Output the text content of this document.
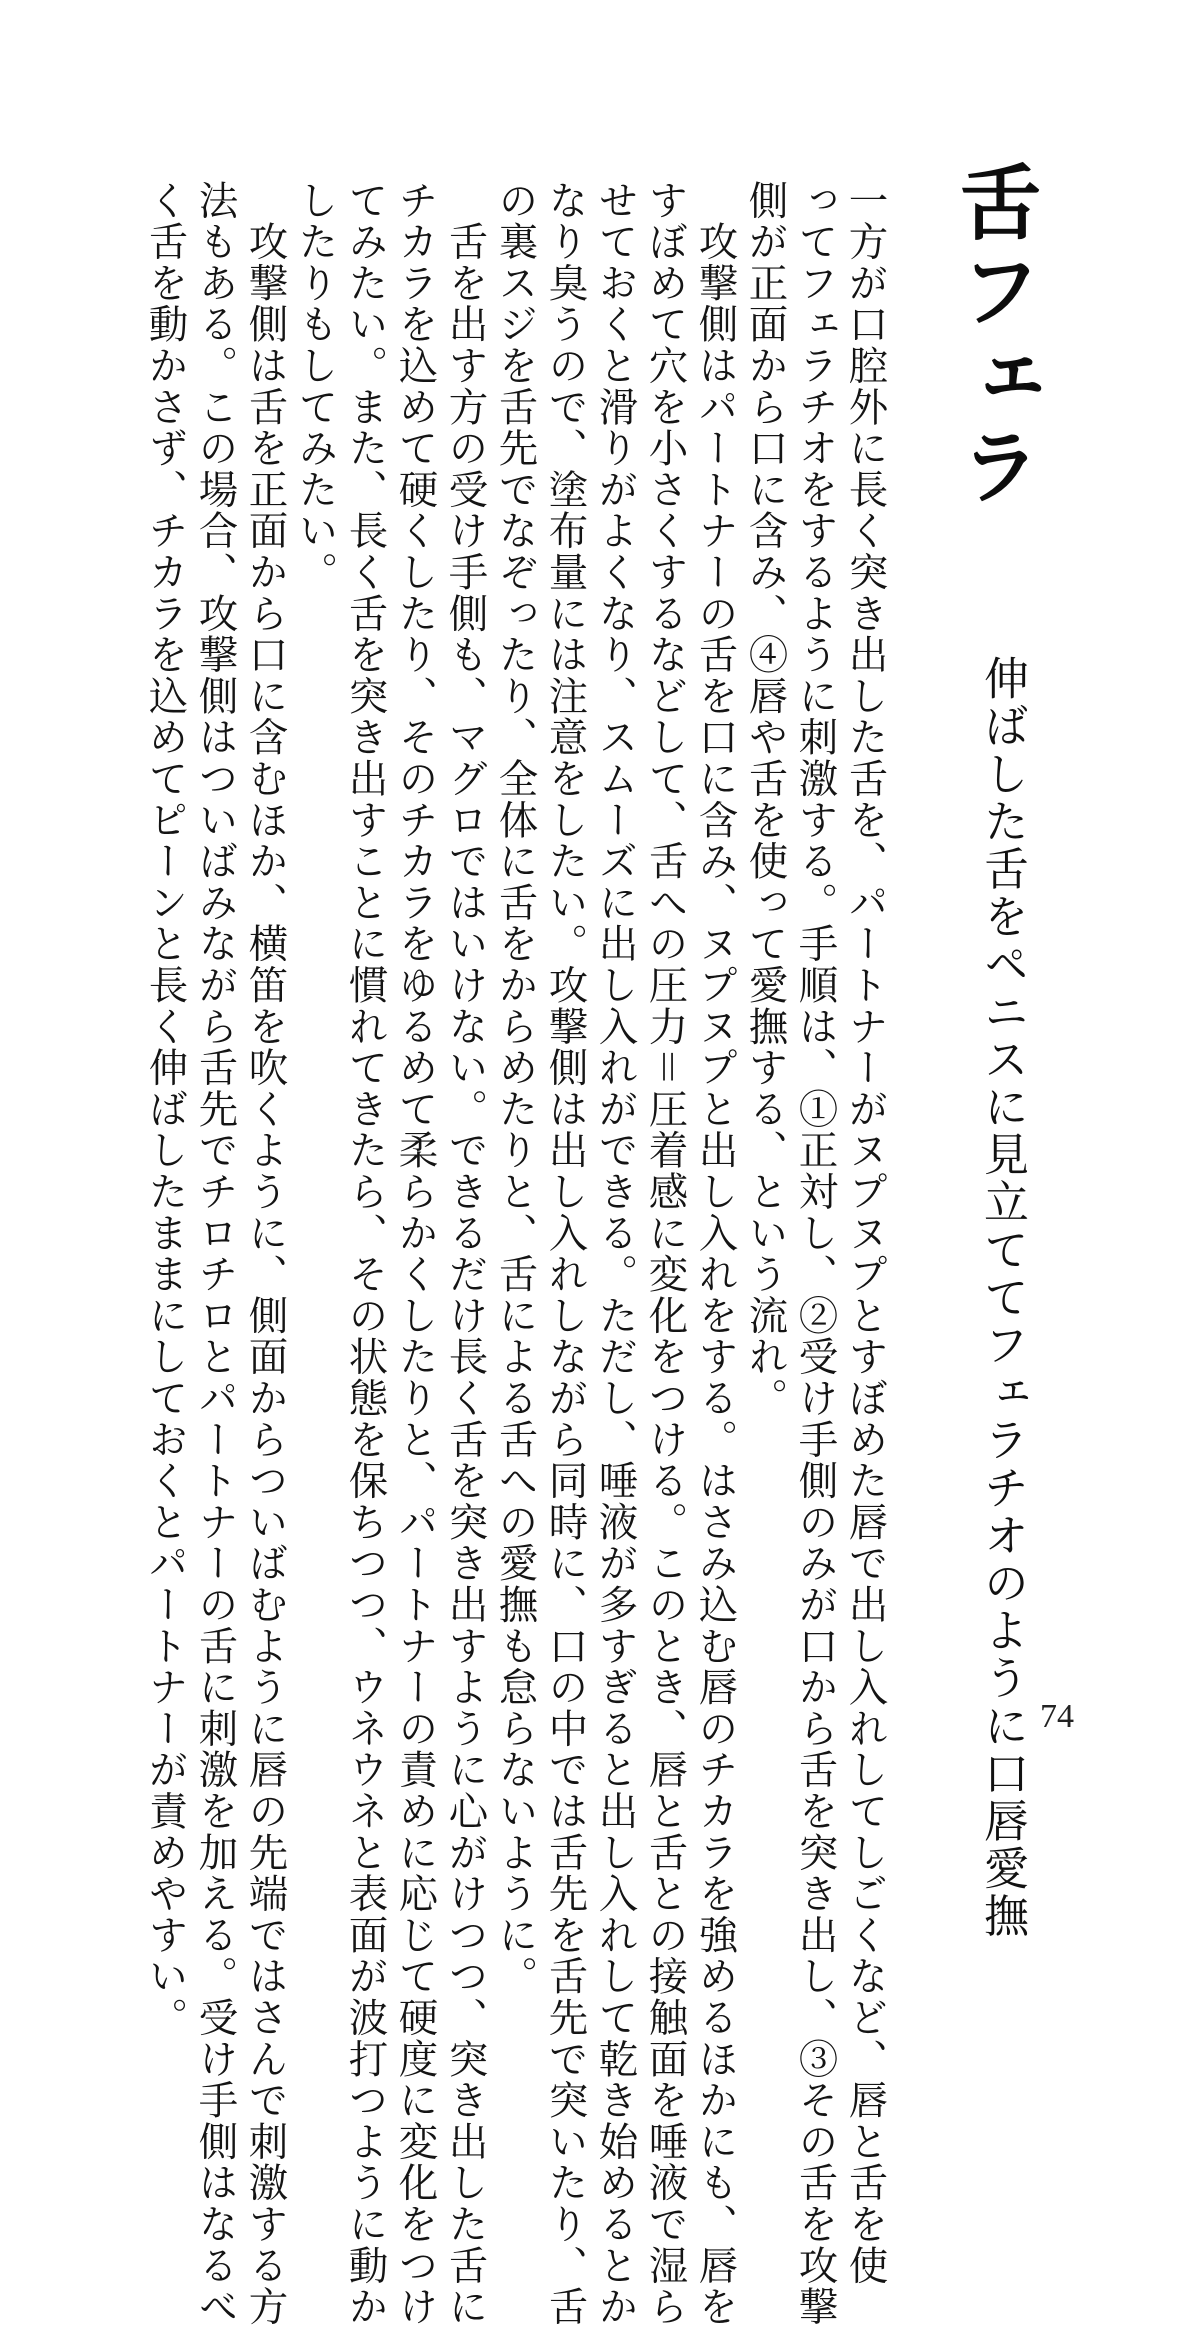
舌フェラ
伸ばした舌をペニスに見立ててフェラチオのように口唇愛撫
一方が口腔外に長く突き出した舌を、パートナーがヌプヌプとすぼめた唇で出し入れしてしごくなど、唇と舌を使
ってフェラチオをするように刺激する。手順は、①正対し、②受け手側のみが口から舌を突き出し、③その舌を攻撃
側が正面から口に含み、④唇や舌を使って愛撫する、という流れ。
　攻撃側はパートナーの舌を口に含み、ヌプヌプと出し入れをする。はさみ込む唇のチカラを強めるほかにも、唇を
すぼめて穴を小さくするなどして、舌への圧力＝圧着感に変化をつける。このとき、唇と舌との接触面を唾液で湿ら
せておくと滑りがよくなり、スムーズに出し入れができる。ただし、唾液が多すぎると出し入れして乾き始めるとか
なり臭うので、塗布量には注意をしたい。攻撃側は出し入れしながら同時に、口の中では舌先を舌先で突いたり、舌
の裏スジを舌先でなぞったり、全体に舌をからめたりと、舌による舌への愛撫も怠らないように。
　舌を出す方の受け手側も、マグロではいけない。できるだけ長く舌を突き出すように心がけつつ、突き出した舌に
チカラを込めて硬くしたり、そのチカラをゆるめて柔らかくしたりと、パートナーの責めに応じて硬度に変化をつけ
てみたい。また、長く舌を突き出すことに慣れてきたら、その状態を保ちつつ、ウネウネと表面が波打つように動か
したりもしてみたい。
　攻撃側は舌を正面から口に含むほか、横笛を吹くように、側面からついばむように唇の先端ではさんで刺激する方
法もある。この場合、攻撃側はついばみながら舌先でチロチロとパートナーの舌に刺激を加える。受け手側はなるべ
く舌を動かさず、チカラを込めてピーンと長く伸ばしたままにしておくとパートナーが責めやすい。	74
